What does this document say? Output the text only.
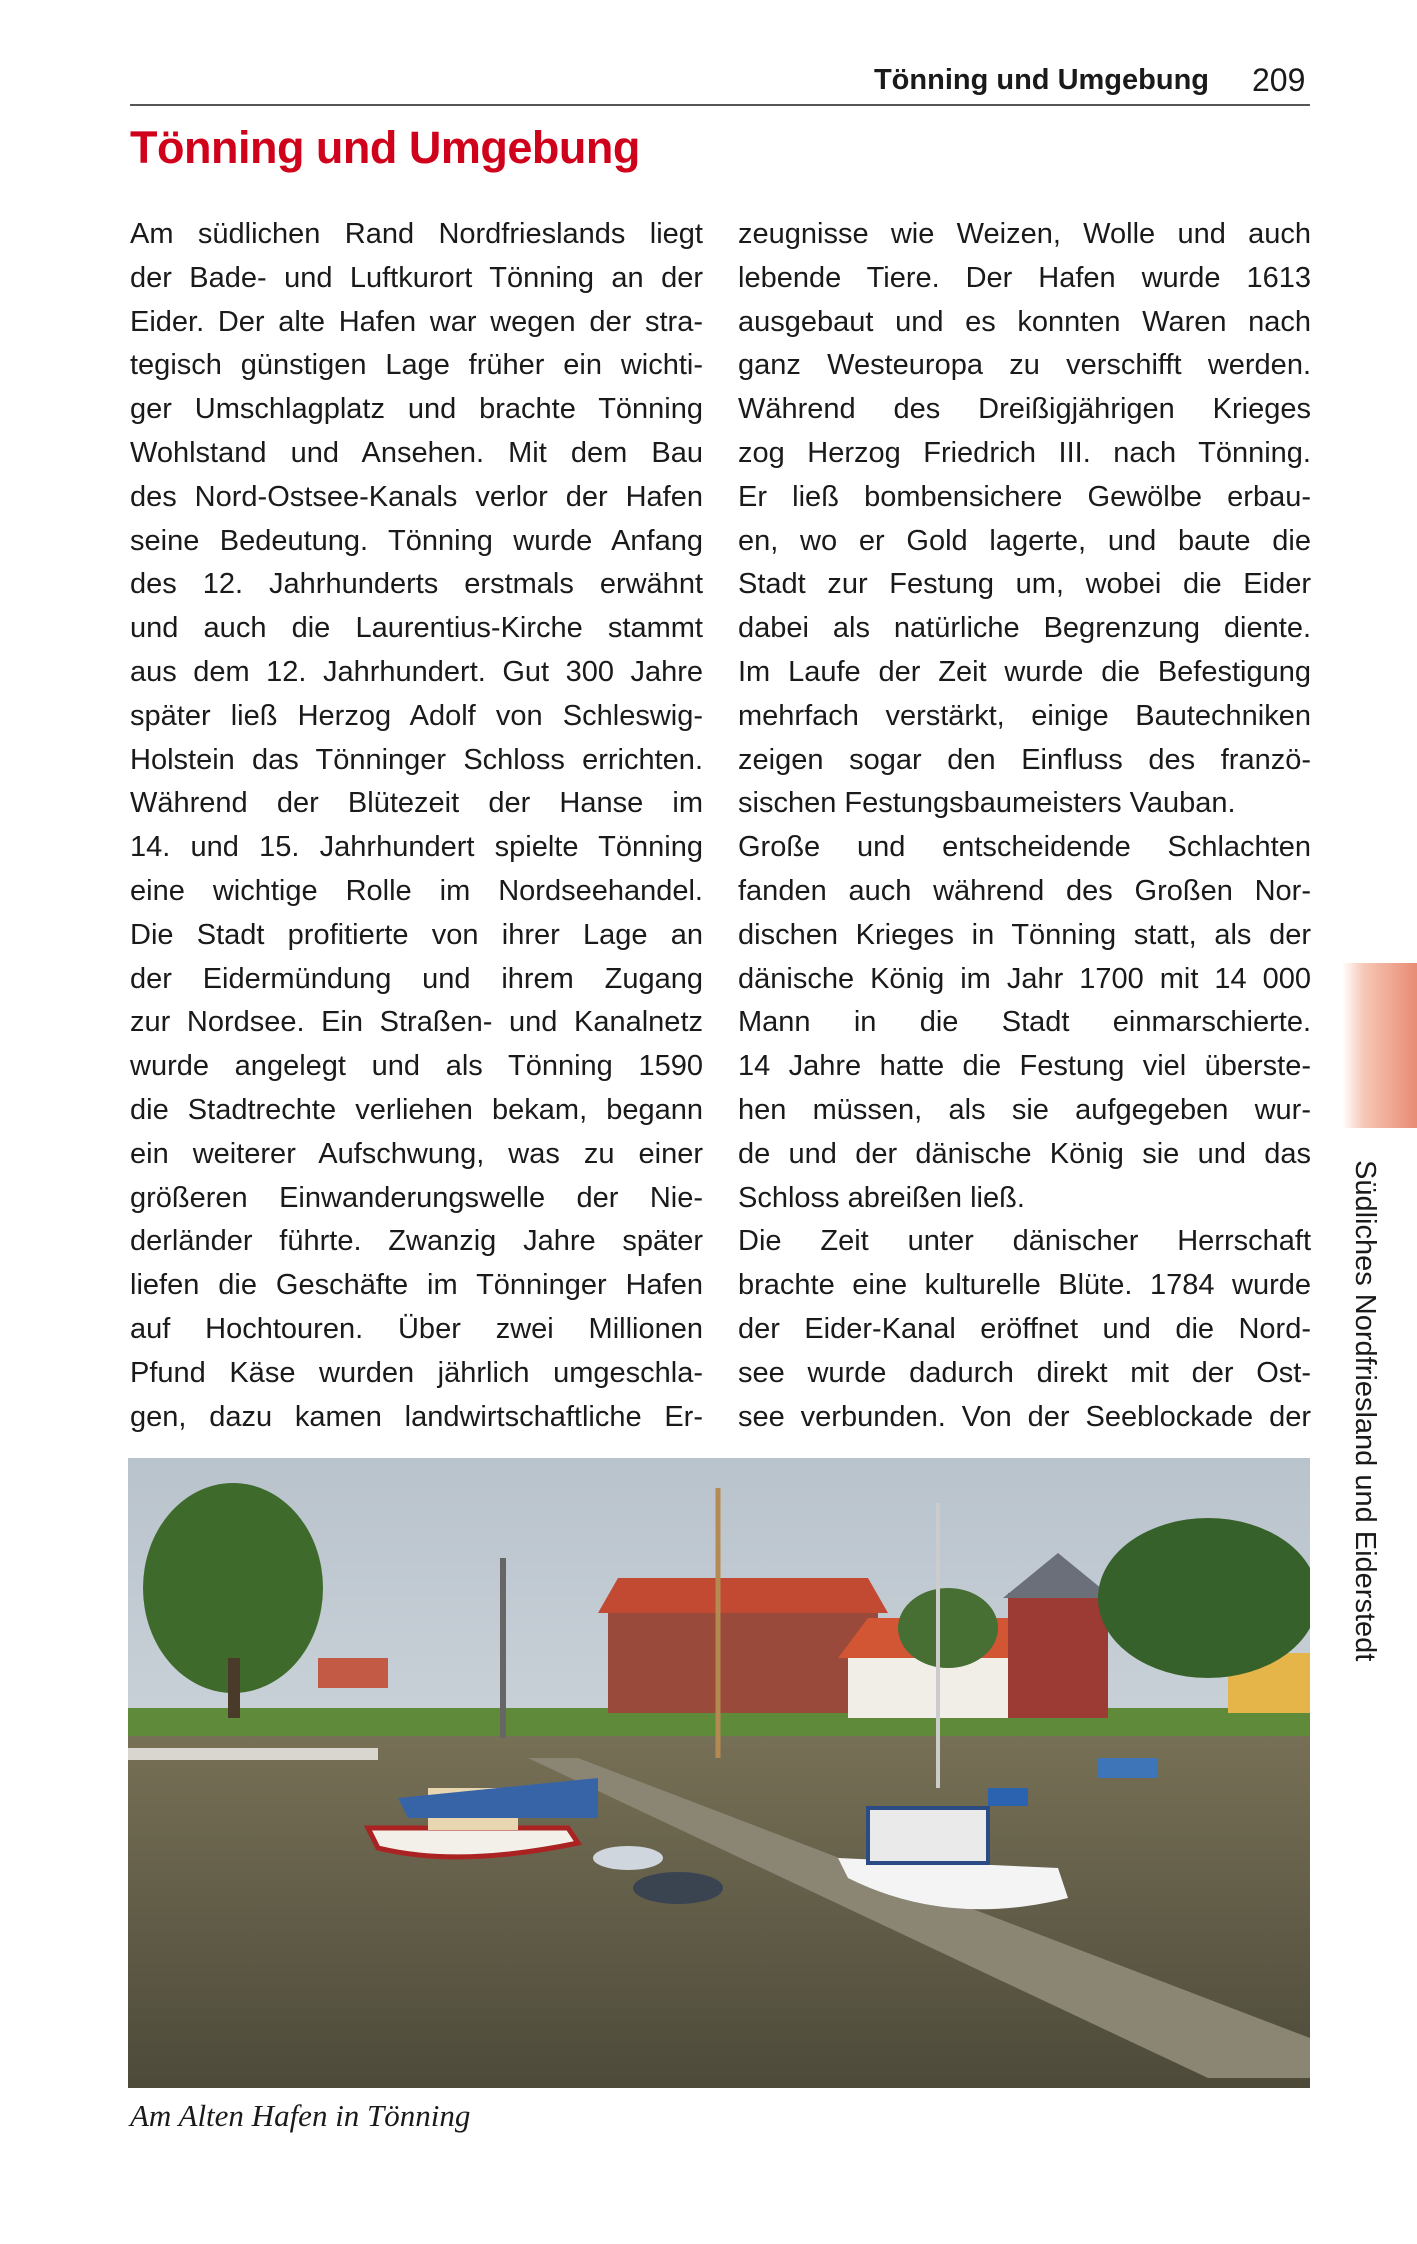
Tönning und Umgebung 209
Tönning und Umgebung
Am südlichen Rand Nordfrieslands liegt
der Bade- und Luftkurort Tönning an der
Eider. Der alte Hafen war wegen der stra-
tegisch günstigen Lage früher ein wichti-
ger Umschlagplatz und brachte Tönning
Wohlstand und Ansehen. Mit dem Bau
des Nord-Ostsee-Kanals verlor der Hafen
seine Bedeutung. Tönning wurde Anfang
des 12. Jahrhunderts erstmals erwähnt
und auch die Laurentius-Kirche stammt
aus dem 12. Jahrhundert. Gut 300 Jahre
später ließ Herzog Adolf von Schleswig-
Holstein das Tönninger Schloss errichten.
Während der Blütezeit der Hanse im
14. und 15. Jahrhundert spielte Tönning
eine wichtige Rolle im Nordseehandel.
Die Stadt profitierte von ihrer Lage an
der Eidermündung und ihrem Zugang
zur Nordsee. Ein Straßen- und Kanalnetz
wurde angelegt und als Tönning 1590
die Stadtrechte verliehen bekam, begann
ein weiterer Aufschwung, was zu einer
größeren Einwanderungswelle der Nie-
derländer führte. Zwanzig Jahre später
liefen die Geschäfte im Tönninger Hafen
auf Hochtouren. Über zwei Millionen
Pfund Käse wurden jährlich umgeschla-
gen, dazu kamen landwirtschaftliche Er-
zeugnisse wie Weizen, Wolle und auch
lebende Tiere. Der Hafen wurde 1613
ausgebaut und es konnten Waren nach
ganz Westeuropa zu verschifft werden.
Während des Dreißigjährigen Krieges
zog Herzog Friedrich III. nach Tönning.
Er ließ bombensichere Gewölbe erbau-
en, wo er Gold lagerte, und baute die
Stadt zur Festung um, wobei die Eider
dabei als natürliche Begrenzung diente.
Im Laufe der Zeit wurde die Befestigung
mehrfach verstärkt, einige Bautechniken
zeigen sogar den Einfluss des franzö-
sischen Festungsbaumeisters Vauban.
Große und entscheidende Schlachten
fanden auch während des Großen Nor-
dischen Krieges in Tönning statt, als der
dänische König im Jahr 1700 mit 14 000
Mann in die Stadt einmarschierte.
14 Jahre hatte die Festung viel überste-
hen müssen, als sie aufgegeben wur-
de und der dänische König sie und das
Schloss abreißen ließ.
Die Zeit unter dänischer Herrschaft
brachte eine kulturelle Blüte. 1784 wurde
der Eider-Kanal eröffnet und die Nord-
see wurde dadurch direkt mit der Ost-
see verbunden. Von der Seeblockade der
Am Alten Hafen in Tönning
Südliches Nordfriesland und Eiderstedt
